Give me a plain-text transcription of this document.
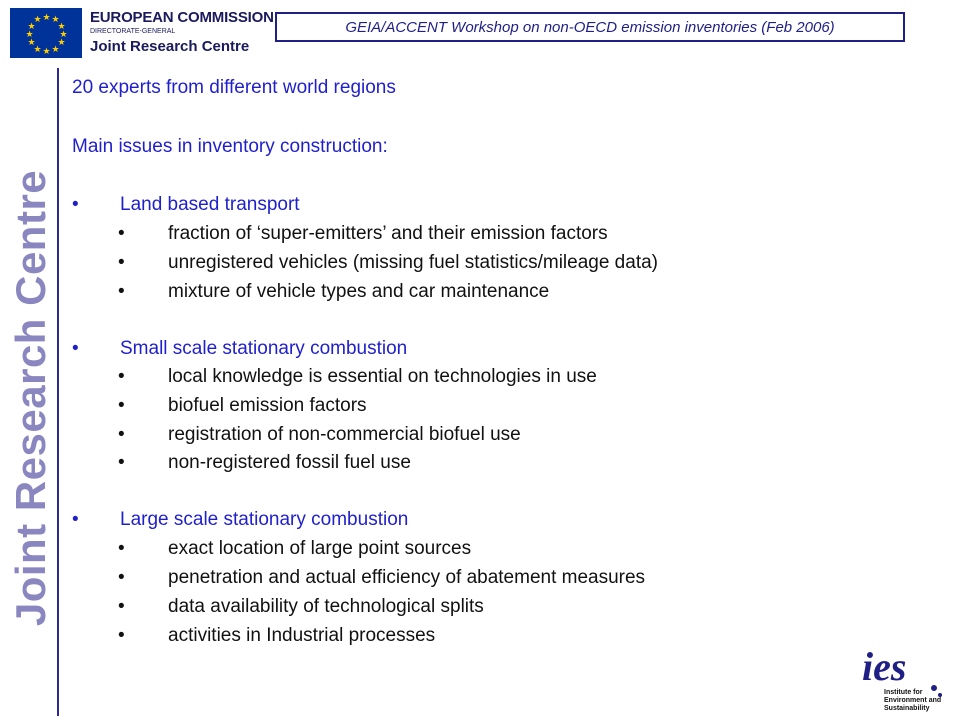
★ ★
★
★
★
★
★
★
★
★
★
★	EUROPEAN COMMISSION
DIRECTORATE-GENERAL
Joint Research Centre
GEIA/ACCENT Workshop on non-OECD emission inventories (Feb 2006)
Joint Research Centre
20 experts from different world regions
Main issues in inventory construction:
• Land based transport
• fraction of ‘super-emitters’ and their emission factors
• unregistered vehicles (missing fuel statistics/mileage data)
• mixture of vehicle types and car maintenance
• Small scale stationary combustion
• local knowledge is essential on technologies in use
• biofuel emission factors
• registration of non-commercial biofuel use
• non-registered fossil fuel use
• Large scale stationary combustion
• exact location of large point sources
• penetration and actual efficiency of abatement measures
• data availability of technological splits
• activities in Industrial processes
ies
Institute for
Environment and
Sustainability
